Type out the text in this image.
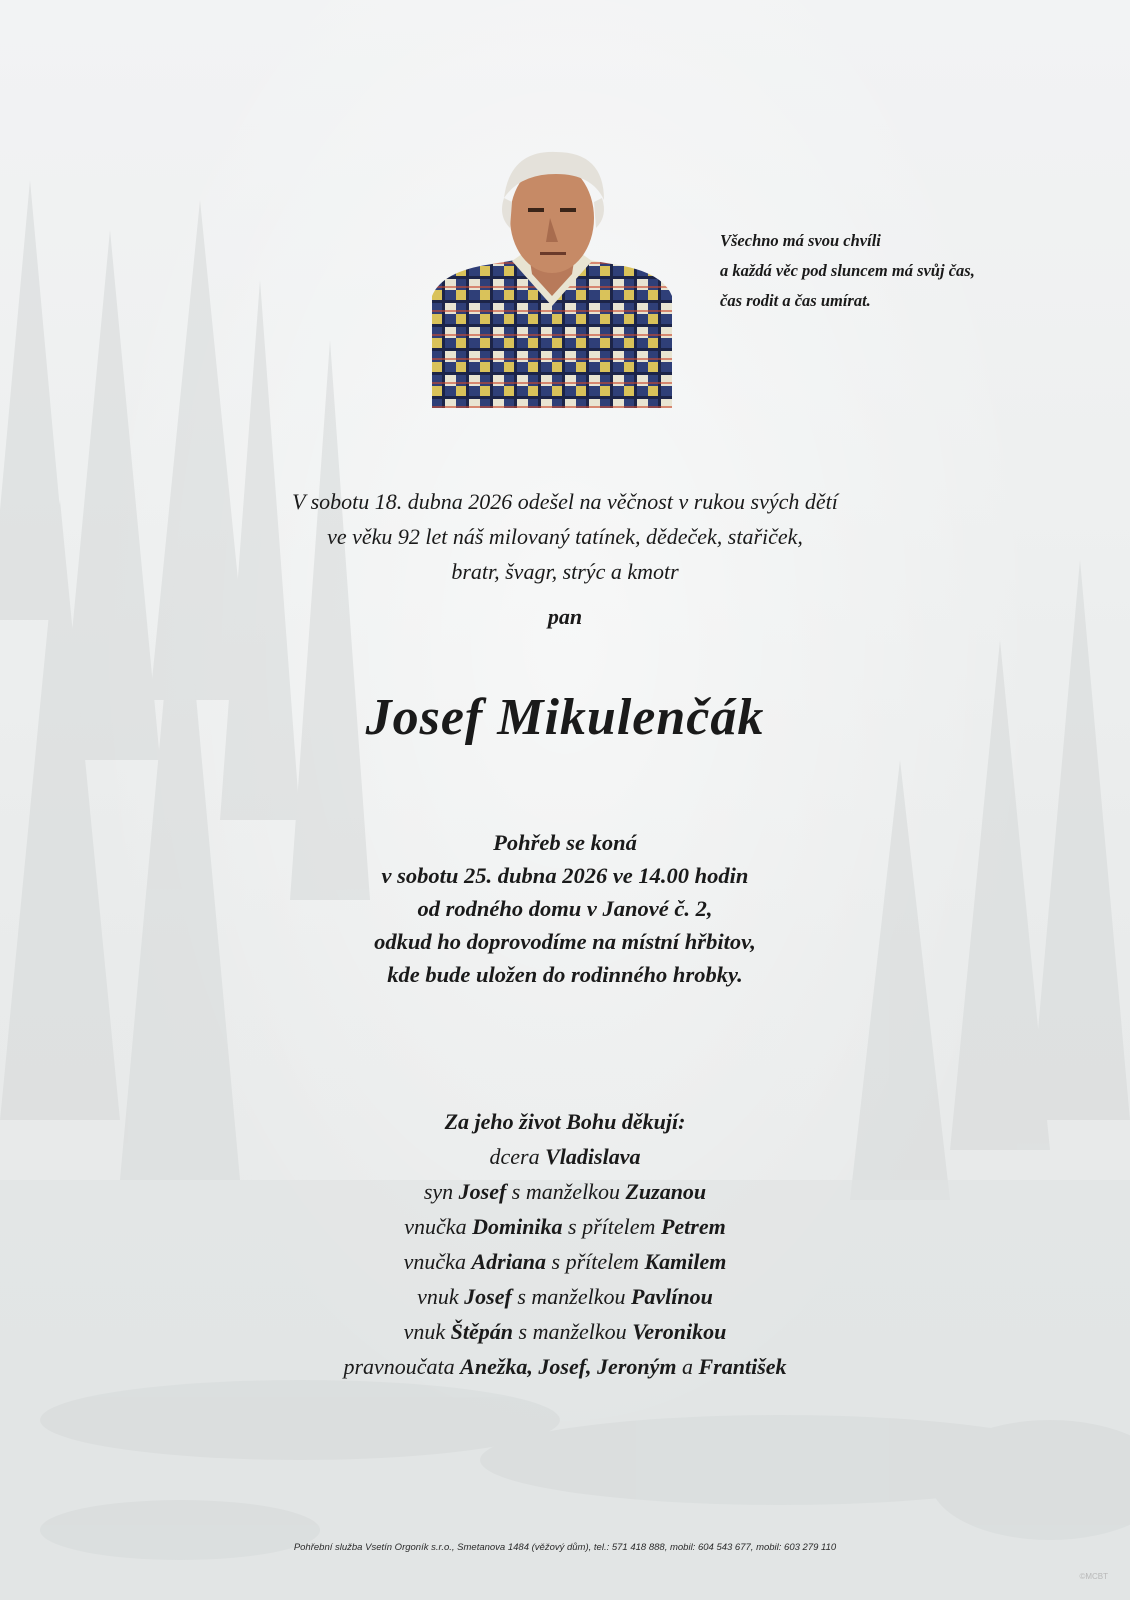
Všechno má svou chvíli
a každá věc pod sluncem má svůj čas,
čas rodit a čas umírat.
V sobotu 18. dubna 2026 odešel na věčnost v rukou svých dětí
ve věku 92 let náš milovaný tatínek, dědeček, stařiček,
bratr, švagr, strýc a kmotr
pan
Josef Mikulenčák
Pohřeb se koná
v sobotu 25. dubna 2026 ve 14.00 hodin
od rodného domu v Janové č. 2,
odkud ho doprovodíme na místní hřbitov,
kde bude uložen do rodinného hrobky.
Za jeho život Bohu děkují:
dcera Vladislava
syn Josef s manželkou Zuzanou
vnučka Dominika s přítelem Petrem
vnučka Adriana s přítelem Kamilem
vnuk Josef s manželkou Pavlínou
vnuk Štěpán s manželkou Veronikou
pravnoučata Anežka, Josef, Jeroným a František
Pohřební služba Vsetín Orgoník s.r.o., Smetanova 1484 (věžový dům), tel.: 571 418 888, mobil: 604 543 677, mobil: 603 279 110
©MCBT
